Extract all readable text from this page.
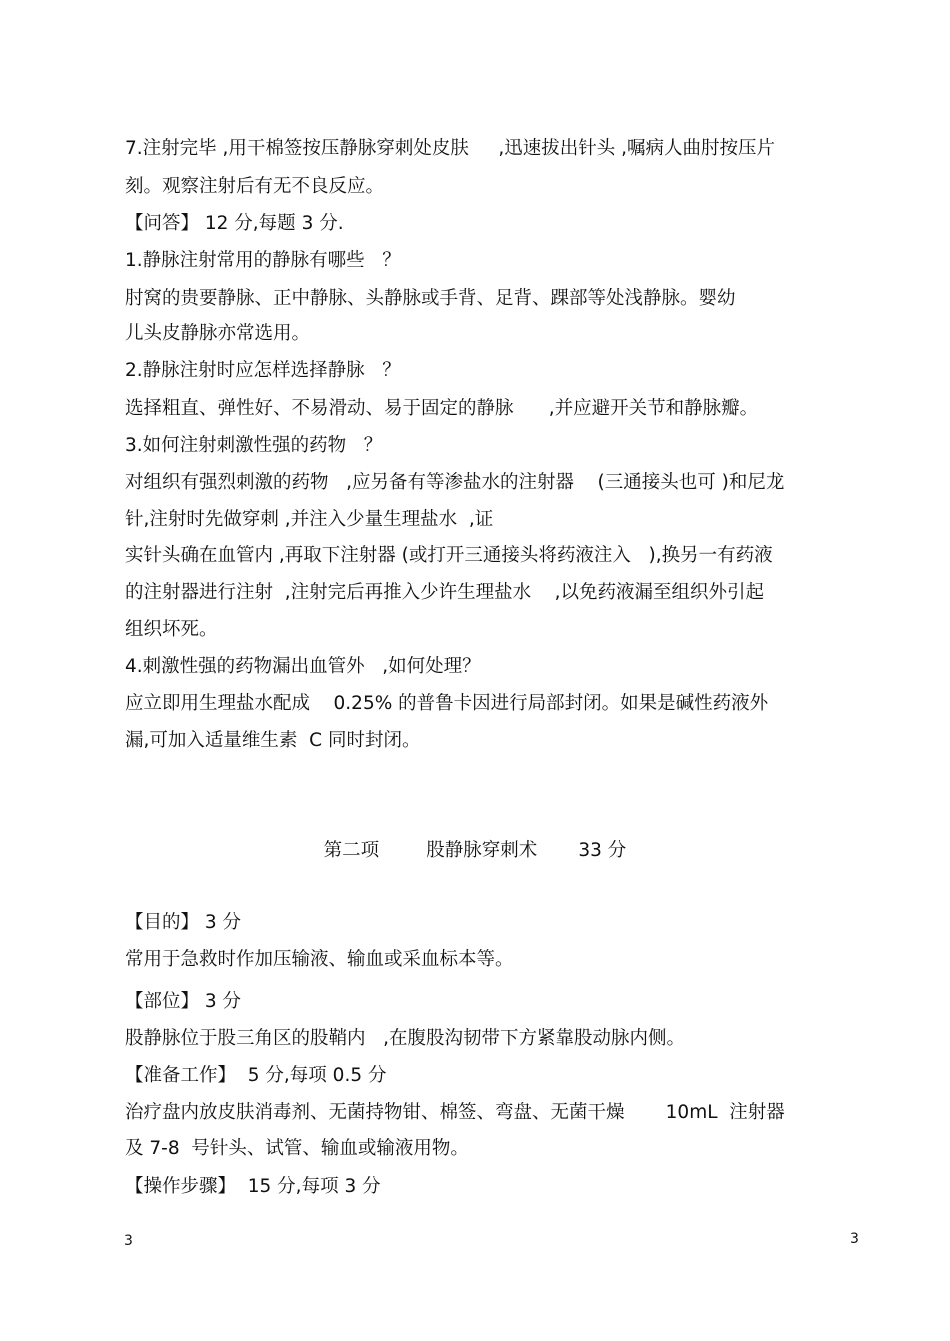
7.注射完毕 ,用干棉签按压静脉穿刺处皮肤     ,迅速拔出针头 ,嘱病人曲肘按压片
刻。观察注射后有无不良反应。
【问答】 12 分,每题 3 分.
1.静脉注射常用的静脉有哪些   ？
肘窝的贵要静脉、正中静脉、头静脉或手背、足背、踝部等处浅静脉。婴幼
儿头皮静脉亦常选用。
2.静脉注射时应怎样选择静脉   ？
选择粗直、弹性好、不易滑动、易于固定的静脉      ,并应避开关节和静脉瓣。
3.如何注射刺激性强的药物   ？
对组织有强烈刺激的药物   ,应另备有等渗盐水的注射器    (三通接头也可 )和尼龙
针,注射时先做穿刺 ,并注入少量生理盐水  ,证
实针头确在血管内 ,再取下注射器 (或打开三通接头将药液注入   ),换另一有药液
的注射器进行注射  ,注射完后再推入少许生理盐水    ,以免药液漏至组织外引起
组织坏死。
4.刺激性强的药物漏出血管外   ,如何处理？
应立即用生理盐水配成    0.25% 的普鲁卡因进行局部封闭。如果是碱性药液外
漏,可加入适量维生素  C 同时封闭。
第二项        股静脉穿刺术       33 分
【目的】 3 分
常用于急救时作加压输液、输血或采血标本等。
【部位】 3 分
股静脉位于股三角区的股鞘内   ,在腹股沟韧带下方紧靠股动脉内侧。
【准备工作】  5 分,每项 0.5 分
治疗盘内放皮肤消毒剂、无菌持物钳、棉签、弯盘、无菌干燥       10mL  注射器
及 7-8  号针头、试管、输血或输液用物。
【操作步骤】  15 分,每项 3 分
3	3
